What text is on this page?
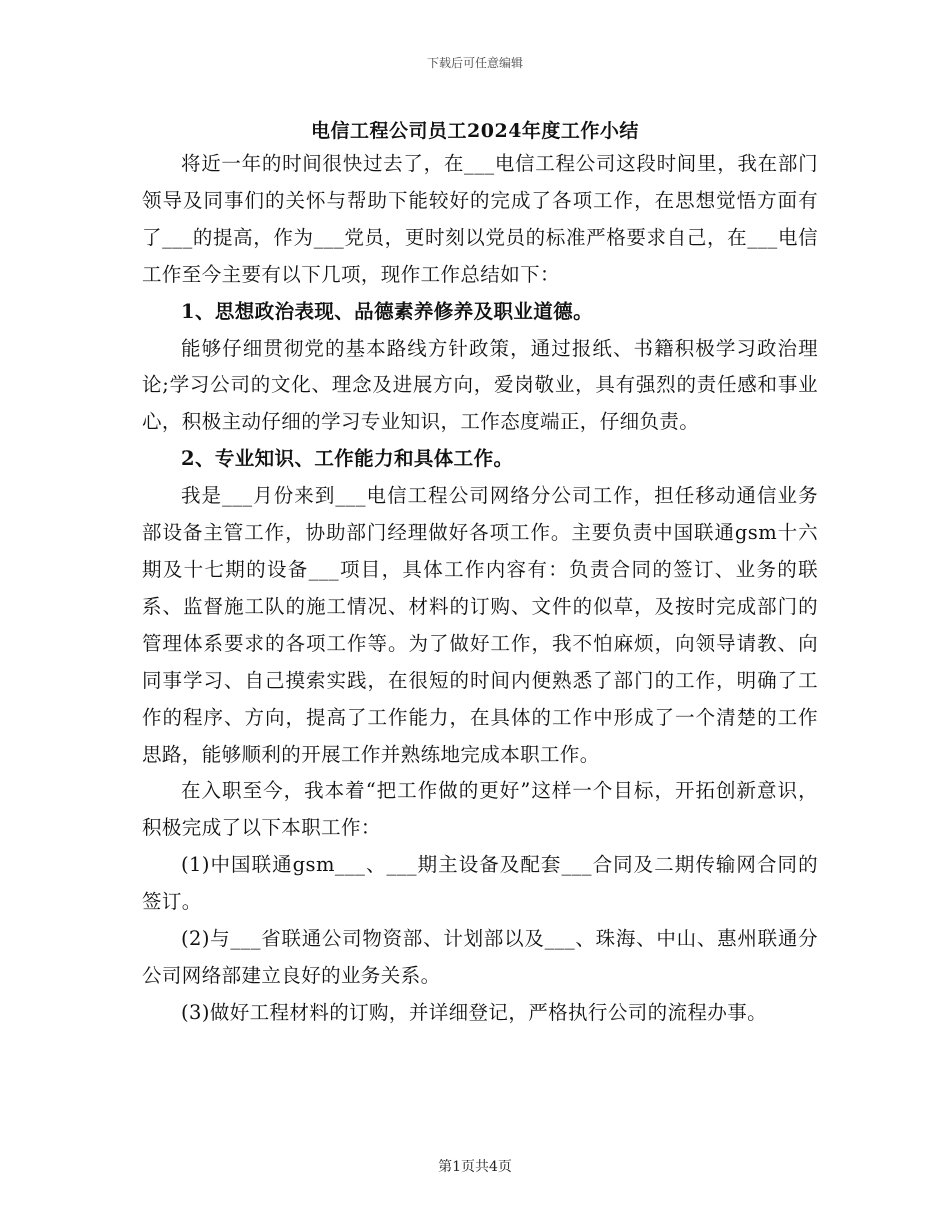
下载后可任意编辑
电信工程公司员工2024年度工作小结

将近一年的时间很快过去了，在___电信工程公司这段时间里，我在部门领导及同事们的关怀与帮助下能较好的完成了各项工作，在思想觉悟方面有了___的提高，作为___党员，更时刻以党员的标准严格要求自己，在___电信工作至今主要有以下几项，现作工作总结如下：

1、思想政治表现、品德素养修养及职业道德。

能够仔细贯彻党的基本路线方针政策，通过报纸、书籍积极学习政治理论;学习公司的文化、理念及进展方向，爱岗敬业，具有强烈的责任感和事业心，积极主动仔细的学习专业知识，工作态度端正，仔细负责。

2、专业知识、工作能力和具体工作。

我是___月份来到___电信工程公司网络分公司工作，担任移动通信业务部设备主管工作，协助部门经理做好各项工作。主要负责中国联通gsm十六期及十七期的设备___项目，具体工作内容有：负责合同的签订、业务的联系、监督施工队的施工情况、材料的订购、文件的似草，及按时完成部门的管理体系要求的各项工作等。为了做好工作，我不怕麻烦，向领导请教、向同事学习、自己摸索实践，在很短的时间内便熟悉了部门的工作，明确了工作的程序、方向，提高了工作能力，在具体的工作中形成了一个清楚的工作思路，能够顺利的开展工作并熟练地完成本职工作。

在入职至今，我本着“把工作做的更好”这样一个目标，开拓创新意识，积极完成了以下本职工作：

(1)中国联通gsm___、___期主设备及配套___合同及二期传输网合同的签订。

(2)与___省联通公司物资部、计划部以及___、珠海、中山、惠州联通分公司网络部建立良好的业务关系。

(3)做好工程材料的订购，并详细登记，严格执行公司的流程办事。

第1页共4页
